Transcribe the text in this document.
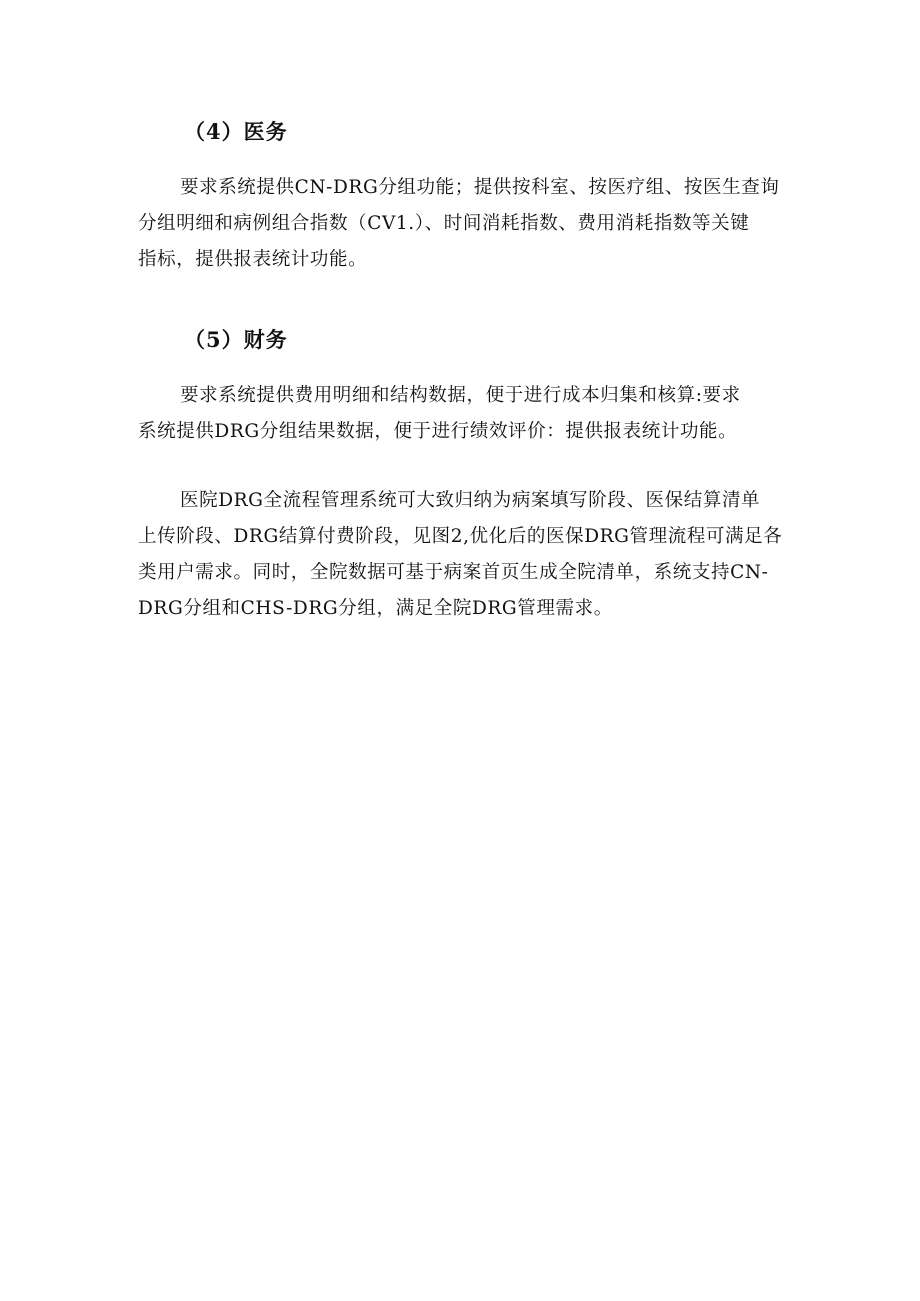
（4）医务
要求系统提供CN-DRG分组功能；提供按科室、按医疗组、按医生查询
分组明细和病例组合指数（CV1.）、时间消耗指数、费用消耗指数等关键
指标，提供报表统计功能。
（5）财务
要求系统提供费用明细和结构数据，便于进行成本归集和核算:要求
系统提供DRG分组结果数据，便于进行绩效评价：提供报表统计功能。
医院DRG全流程管理系统可大致归纳为病案填写阶段、医保结算清单
上传阶段、DRG结算付费阶段，见图2,优化后的医保DRG管理流程可满足各
类用户需求。同时，全院数据可基于病案首页生成全院清单，系统支持CN-
DRG分组和CHS-DRG分组，满足全院DRG管理需求。
